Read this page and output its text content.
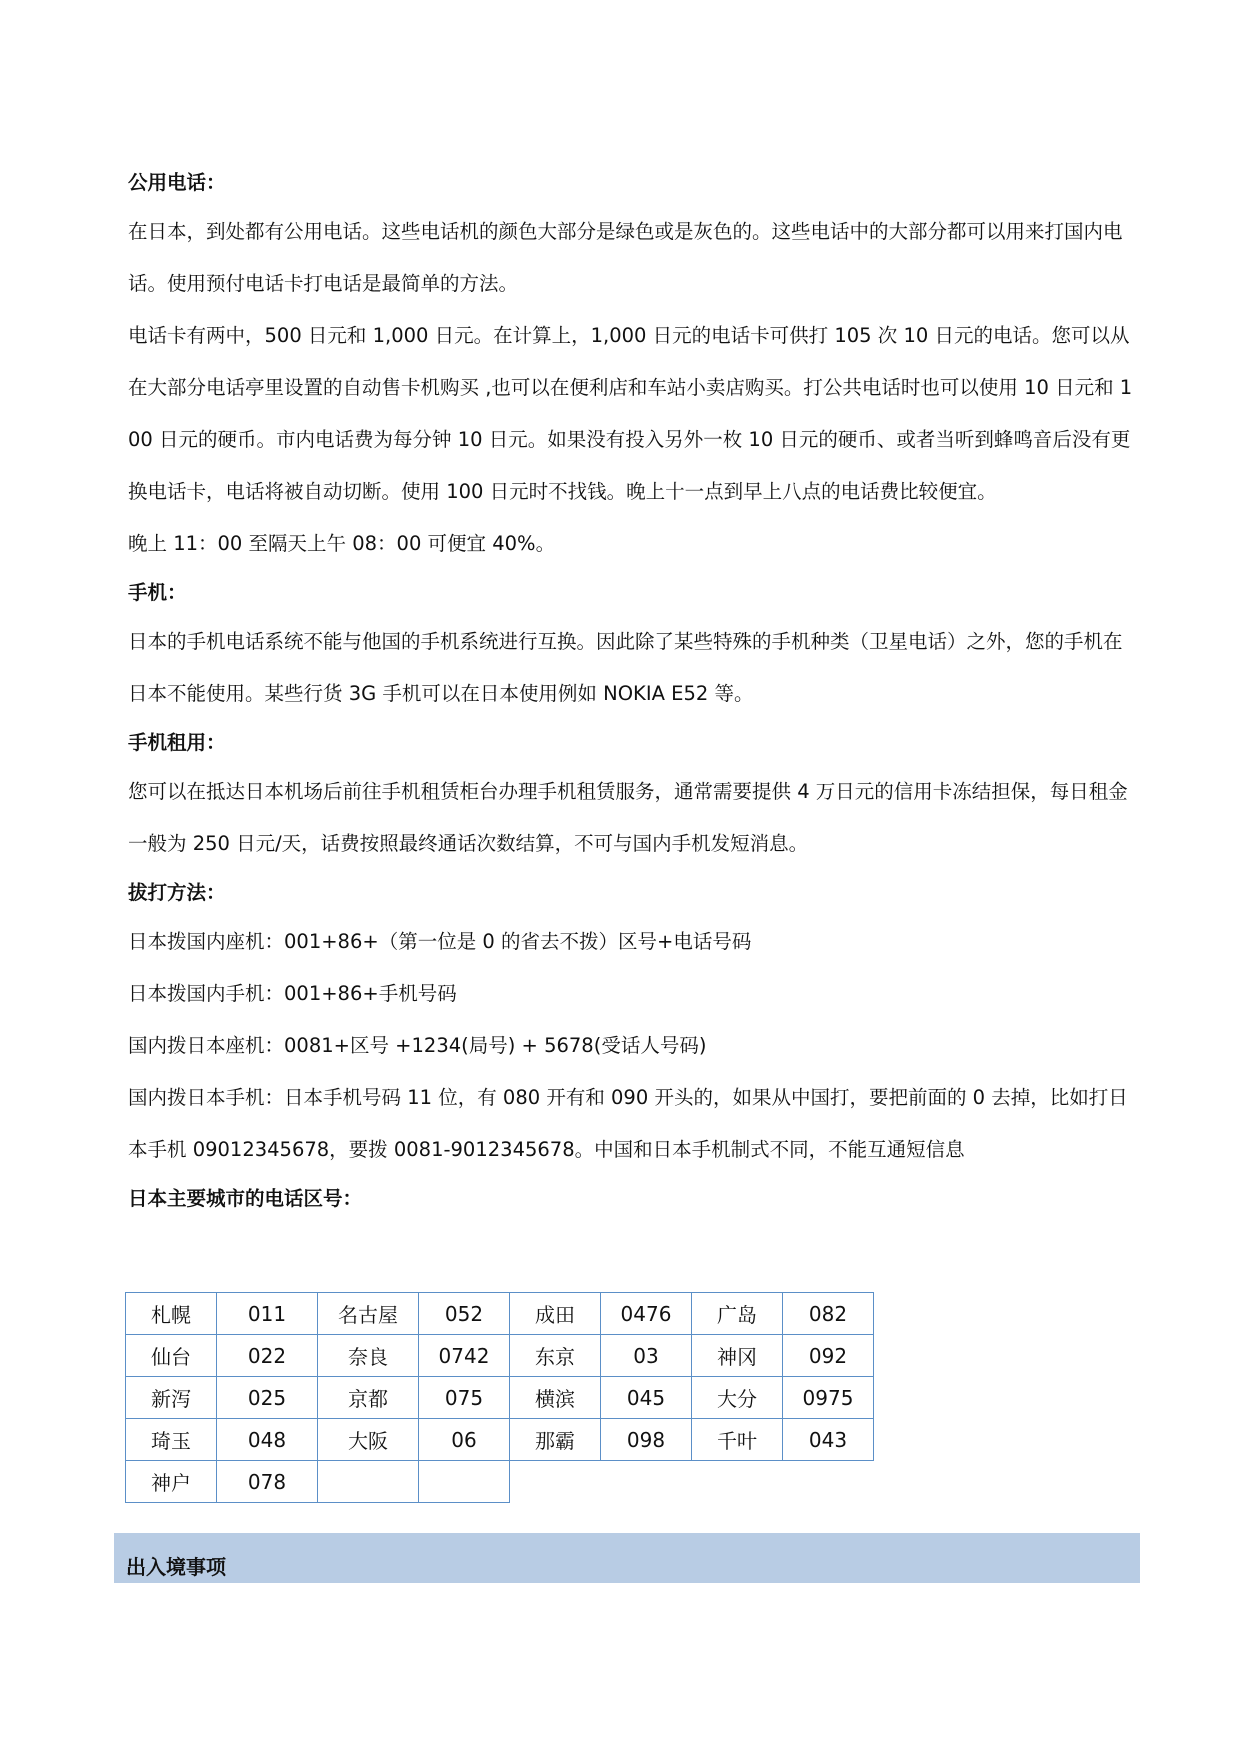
公用电话：

在日本，到处都有公用电话。这些电话机的颜色大部分是绿色或是灰色的。这些电话中的大部分都可以用来打国内电话。使用预付电话卡打电话是最简单的方法。

电话卡有两中，500 日元和 1,000 日元。在计算上，1,000 日元的电话卡可供打 105 次 10 日元的电话。您可以从在大部分电话亭里设置的自动售卡机购买 ,也可以在便利店和车站小卖店购买。打公共电话时也可以使用 10 日元和 100 日元的硬币。市内电话费为每分钟 10 日元。如果没有投入另外一枚 10 日元的硬币、或者当听到蜂鸣音后没有更换电话卡，电话将被自动切断。使用 100 日元时不找钱。晚上十一点到早上八点的电话费比较便宜。

晚上 11：00 至隔天上午 08：00 可便宜 40%。

手机：

日本的手机电话系统不能与他国的手机系统进行互换。因此除了某些特殊的手机种类（卫星电话）之外，您的手机在日本不能使用。某些行货 3G 手机可以在日本使用例如 NOKIA E52 等。

手机租用：

您可以在抵达日本机场后前往手机租赁柜台办理手机租赁服务，通常需要提供 4 万日元的信用卡冻结担保，每日租金一般为 250 日元/天，话费按照最终通话次数结算，不可与国内手机发短消息。

拔打方法：

日本拨国内座机：001+86+（第一位是 0 的省去不拨）区号+电话号码

日本拨国内手机：001+86+手机号码

国内拨日本座机：0081+区号 +1234(局号) + 5678(受话人号码)

国内拨日本手机：日本手机号码 11 位，有 080 开有和 090 开头的，如果从中国打，要把前面的 0 去掉，比如打日本手机 09012345678，要拨 0081-9012345678。中国和日本手机制式不同，不能互通短信息

日本主要城市的电话区号：
札幌	011	名古屋	052	成田	0476	广岛	082
仙台	022	奈良	0742	东京	03	神冈	092
新泻	025	京都	075	横滨	045	大分	0975
琦玉	048	大阪	06	那霸	098	千叶	043
神户	078						
出入境事项
